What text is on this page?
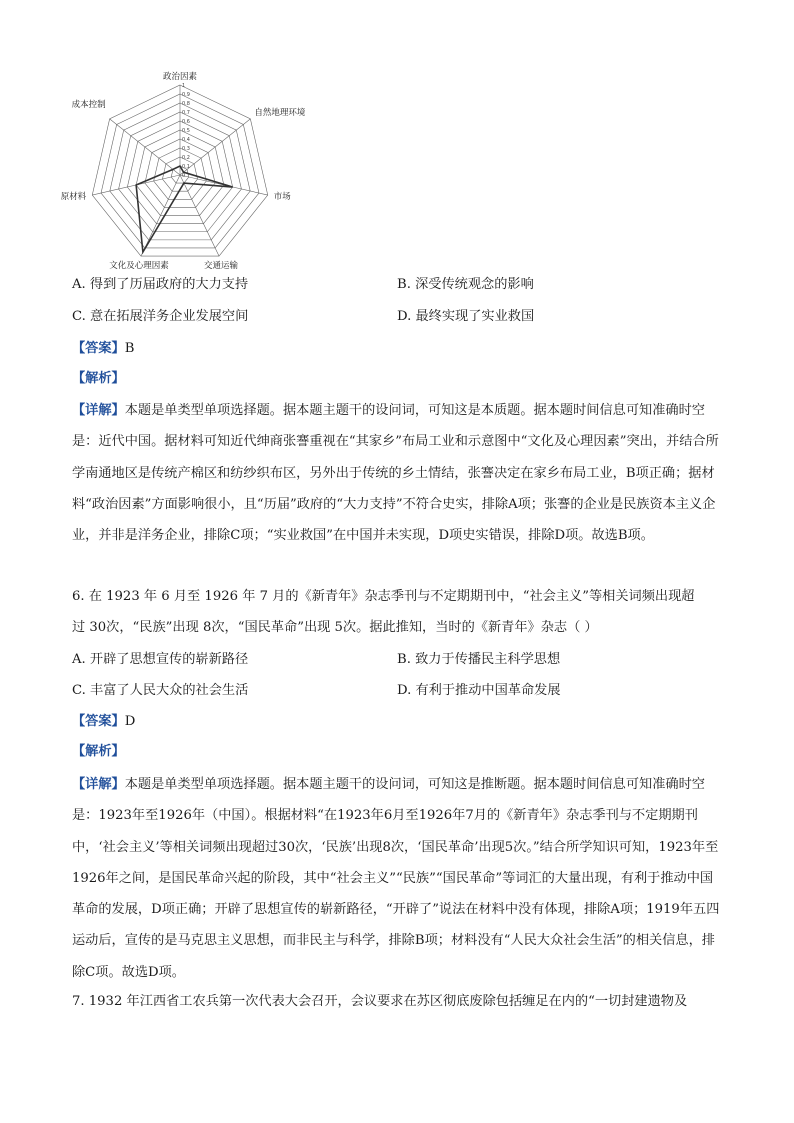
1
0.9
0.8
0.7
0.6
0.5
0.4
0.3
0.2
0.1
0
政治因素
自然地理环境
市场
交通运输
文化及心理因素
原材料
成本控制
A. 得到了历届政府的大力支持	B. 深受传统观念的影响
C. 意在拓展洋务企业发展空间	D. 最终实现了实业救国
【答案】B
【解析】
【详解】本题是单类型单项选择题。据本题主题干的设问词，可知这是本质题。据本题时间信息可知准确时空是：近代中国。据材料可知近代绅商张謇重视在“其家乡”布局工业和示意图中“文化及心理因素”突出，并结合所学南通地区是传统产棉区和纺纱织布区，另外出于传统的乡土情结，张謇决定在家乡布局工业，B项正确；据材料“政治因素”方面影响很小，且“历届”政府的“大力支持”不符合史实，排除A项；张謇的企业是民族资本主义企业，并非是洋务企业，排除C项；“实业救国”在中国并未实现，D项史实错误，排除D项。故选B项。
6. 在 1923 年 6 月至 1926 年 7 月的《新青年》杂志季刊与不定期期刊中，“社会主义”等相关词频出现超
过 30次，“民族”出现 8次，“国民革命”出现 5次。据此推知，当时的《新青年》杂志（ ）
A. 开辟了思想宣传的崭新路径	B. 致力于传播民主科学思想
C. 丰富了人民大众的社会生活	D. 有利于推动中国革命发展
【答案】D
【解析】
【详解】本题是单类型单项选择题。据本题主题干的设问词，可知这是推断题。据本题时间信息可知准确时空是：1923年至1926年（中国）。根据材料“在1923年6月至1926年7月的《新青年》杂志季刊与不定期期刊中，‘社会主义’等相关词频出现超过30次，‘民族’出现8次，‘国民革命’出现5次。”结合所学知识可知，1923年至1926年之间，是国民革命兴起的阶段，其中“社会主义”“民族”“国民革命”等词汇的大量出现，有利于推动中国革命的发展，D项正确；开辟了思想宣传的崭新路径，“开辟了”说法在材料中没有体现，排除A项；1919年五四运动后，宣传的是马克思主义思想，而非民主与科学，排除B项；材料没有“人民大众社会生活”的相关信息，排除C项。故选D项。
7. 1932 年江西省工农兵第一次代表大会召开，会议要求在苏区彻底废除包括缠足在内的“一切封建遗物及
